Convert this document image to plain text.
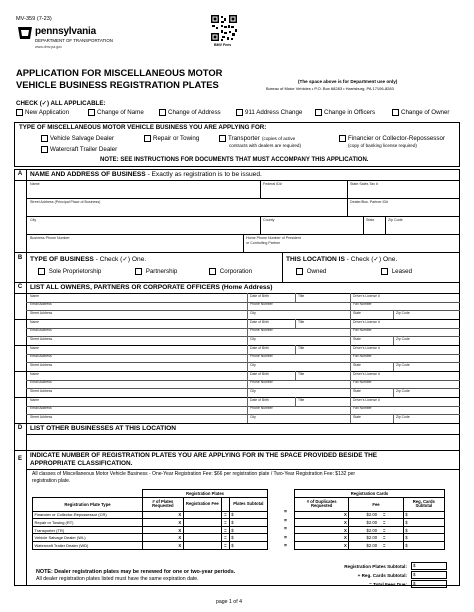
MV-359 (7-23)
pennsylvania
DEPARTMENT OF TRANSPORTATION
www.dmv.pa.gov	BMV Fees
APPLICATION FOR MISCELLANEOUS MOTOR
VEHICLE BUSINESS REGISTRATION PLATES	(The space above is for Department use only)
Bureau of Motor Vehicles • P.O. Box 68283 • Harrisburg, PA 17106-8283
CHECK (✓) ALL APPLICABLE:
New Application	Change of Name	Change of Address	911 Address Change	Change in Officers	Change of Owner
TYPE OF MISCELLANEOUS MOTOR VEHICLE BUSINESS YOU ARE APPLYING FOR:
Vehicle Salvage Dealer	Repair or Towing	Transporter (copies of active
contracts with dealers are required)
Financier or Collector-Repossessor
(copy of banking license required)
Watercraft Trailer Dealer
NOTE: SEE INSTRUCTIONS FOR DOCUMENTS THAT MUST ACCOMPANY THIS APPLICATION.
A	NAME AND ADDRESS OF BUSINESS - Exactly as registration is to be issued.
Name	Federal ID#	State Sales Tax #
Street Address (Principal Place of Business)	Dealer/Bus. Partner ID#
City	County	State	Zip Code
Business Phone Number	Home Phone Number of President
or Controlling Partner
B	TYPE OF BUSINESS - Check (✓) One.	THIS LOCATION IS - Check (✓) One.
Sole Proprietorship	Partnership	Corporation	Owned	Leased
C	LIST ALL OWNERS, PARTNERS OR CORPORATE OFFICERS (Home Address)
Name	Date of Birth	Title	Driver's License #
Email Address	Phone Number	Fax Number
Street Address	City	State	Zip Code
Name	Date of Birth	Title	Driver's License #
Email Address	Phone Number	Fax Number
Street Address	City	State	Zip Code
Name	Date of Birth	Title	Driver's License #
Email Address	Phone Number	Fax Number
Street Address	City	State	Zip Code
Name	Date of Birth	Title	Driver's License #
Email Address	Phone Number	Fax Number
Street Address	City	State	Zip Code
Name	Date of Birth	Title	Driver's License #
Email Address	Phone Number	Fax Number
Street Address	City	State	Zip Code
D	LIST OTHER BUSINESSES AT THIS LOCATION
E	INDICATE NUMBER OF REGISTRATION PLATES YOU ARE APPLYING FOR IN THE SPACE PROVIDED BESIDE THE
APPROPRIATE CLASSIFICATION.
All classes of Miscellaneous Motor Vehicle Business - One-Year Registration Fee: $66 per registration plate / Two-Year Registration Fee: $132 per
registration plate.
	Registration Plates			
Registration Plate Type	# of Plates Requested	Registration Fee		Plates Subtotal
Financier or Collector-Repossessor (CR)	X		=	$
Repair or Towing (RT)	X		=	$
Transporter (TR)	X		=	$
Vehicle Salvage Dealer (WL)	X		=	$
Watercraft Trailer Dealer (WD)	X		=	$
Registration Cards		
# of Duplicates Requested	Fee	Reg. Cards Subtotal
X	$2.00 =	$
X	$2.00 =	$
X	$2.00 =	$
X	$2.00 =	$
X	$2.00 =	$
NOTE: Dealer registration plates may be renewed for one or two-year periods.
All dealer registration plates listed must have the same expiration date.
Registration Plates Subtotal:	$
+ Reg. Cards Subtotal:	$
= Total Fees Due:	$
page 1 of 4
=
=
=
=
=
